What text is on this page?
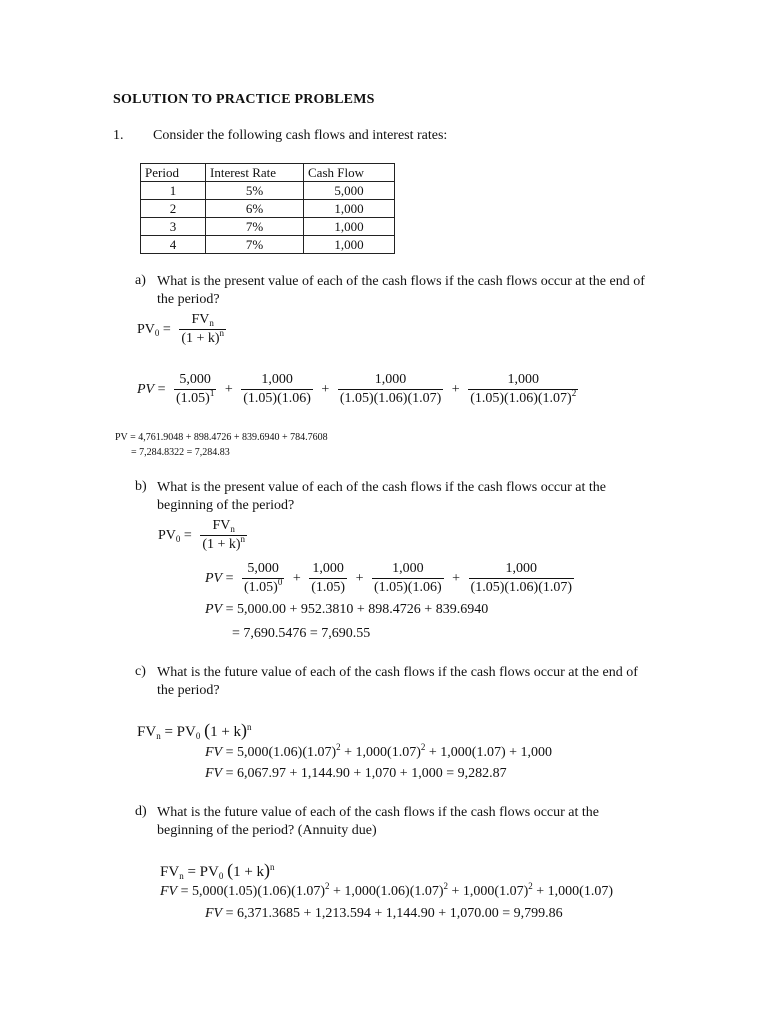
SOLUTION TO PRACTICE PROBLEMS
1. Consider the following cash flows and interest rates:
Period	Interest Rate	Cash Flow
1	5%	5,000
2	6%	1,000
3	7%	1,000
4	7%	1,000
a) What is the present value of each of the cash flows if the cash flows occur at the end of the period?
$PV_0 = \frac{FV_n}{(1 + k)^n}$
PV = $\frac{5,000}{(1.05)^1} + \frac{1,000}{(1.05)(1.06)} + \frac{1,000}{(1.05)(1.06)(1.07)} + \frac{1,000}{(1.05)(1.06)(1.07)^2}$
PV = 4,761.9048 + 898.4726 + 839.6940 + 784.7608
= 7,284.8322 = 7,284.83
b) What is the present value of each of the cash flows if the cash flows occur at the beginning of the period?
$PV_0 = \frac{FV_n}{(1 + k)^n}$
PV = $\frac{5,000}{(1.05)^0} + \frac{1,000}{(1.05)} + \frac{1,000}{(1.05)(1.06)} + \frac{1,000}{(1.05)(1.06)(1.07)}$
PV = 5,000.00 + 952.3810 + 898.4726 + 839.6940
= 7,690.5476 = 7,690.55
c) What is the future value of each of the cash flows if the cash flows occur at the end of the period?
$FV_n = PV_0$ $(1 + k)^n$
FV = $5,000(1.06)(1.07)^2 + 1,000(1.07)^2 + 1,000(1.07) + 1,000$
FV = 6,067.97 + 1,144.90 + 1,070 + 1,000 = 9,282.87
d) What is the future value of each of the cash flows if the cash flows occur at the beginning of the period? (Annuity due)
$FV_n = PV_0$ $(1 + k)^n$
FV = $5,000(1.05)(1.06)(1.07)^2 + 1,000(1.06)(1.07)^2 + 1,000(1.07)^2 + 1,000(1.07)$
FV = 6,371.3685 + 1,213.594 + 1,144.90 + 1,070.00 = 9,799.86
